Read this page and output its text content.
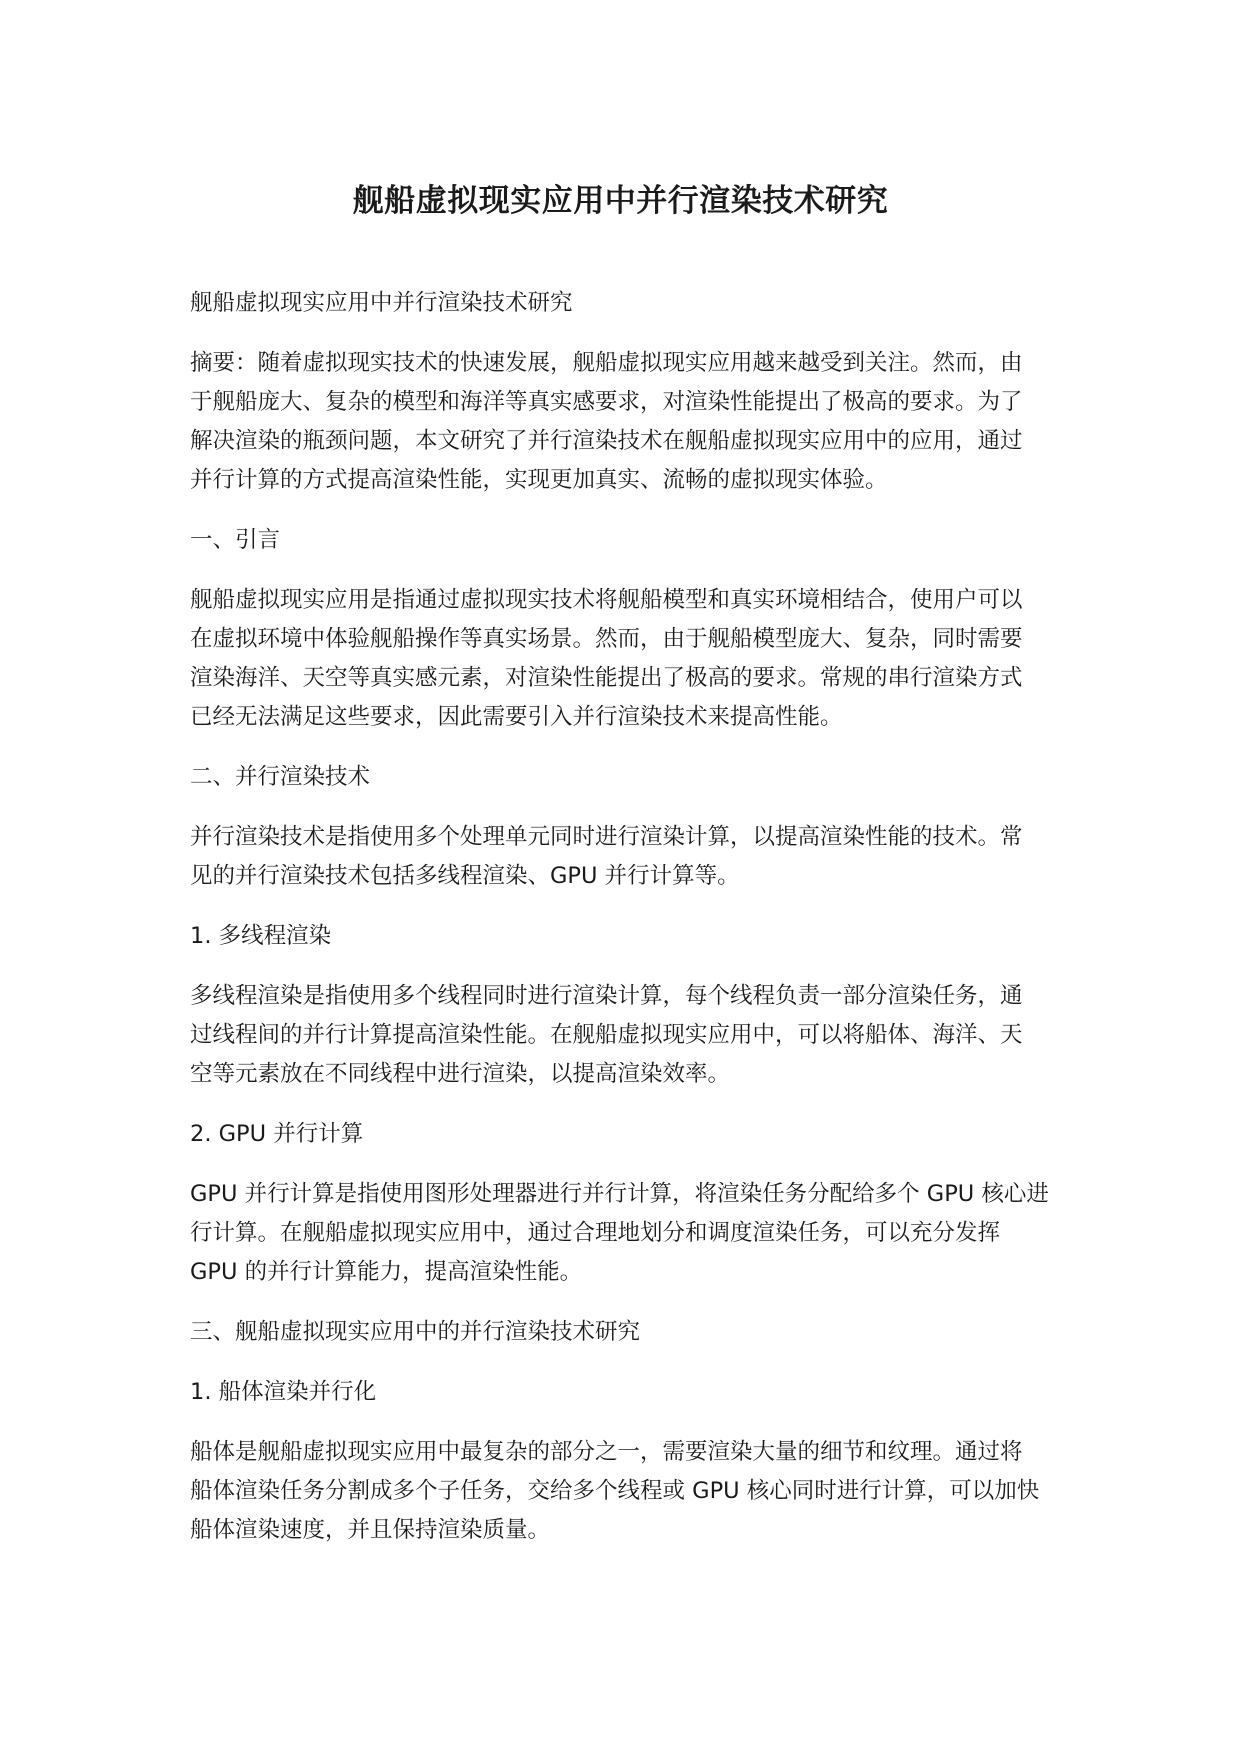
舰船虚拟现实应用中并行渲染技术研究
舰船虚拟现实应用中并行渲染技术研究
摘要：随着虚拟现实技术的快速发展，舰船虚拟现实应用越来越受到关注。然而，由
于舰船庞大、复杂的模型和海洋等真实感要求，对渲染性能提出了极高的要求。为了
解决渲染的瓶颈问题，本文研究了并行渲染技术在舰船虚拟现实应用中的应用，通过
并行计算的方式提高渲染性能，实现更加真实、流畅的虚拟现实体验。
一、引言
舰船虚拟现实应用是指通过虚拟现实技术将舰船模型和真实环境相结合，使用户可以
在虚拟环境中体验舰船操作等真实场景。然而，由于舰船模型庞大、复杂，同时需要
渲染海洋、天空等真实感元素，对渲染性能提出了极高的要求。常规的串行渲染方式
已经无法满足这些要求，因此需要引入并行渲染技术来提高性能。
二、并行渲染技术
并行渲染技术是指使用多个处理单元同时进行渲染计算，以提高渲染性能的技术。常
见的并行渲染技术包括多线程渲染、GPU 并行计算等。
1. 多线程渲染
多线程渲染是指使用多个线程同时进行渲染计算，每个线程负责一部分渲染任务，通
过线程间的并行计算提高渲染性能。在舰船虚拟现实应用中，可以将船体、海洋、天
空等元素放在不同线程中进行渲染，以提高渲染效率。
2. GPU 并行计算
GPU 并行计算是指使用图形处理器进行并行计算，将渲染任务分配给多个 GPU 核心进
行计算。在舰船虚拟现实应用中，通过合理地划分和调度渲染任务，可以充分发挥
GPU 的并行计算能力，提高渲染性能。
三、舰船虚拟现实应用中的并行渲染技术研究
1. 船体渲染并行化
船体是舰船虚拟现实应用中最复杂的部分之一，需要渲染大量的细节和纹理。通过将
船体渲染任务分割成多个子任务，交给多个线程或 GPU 核心同时进行计算，可以加快
船体渲染速度，并且保持渲染质量。
